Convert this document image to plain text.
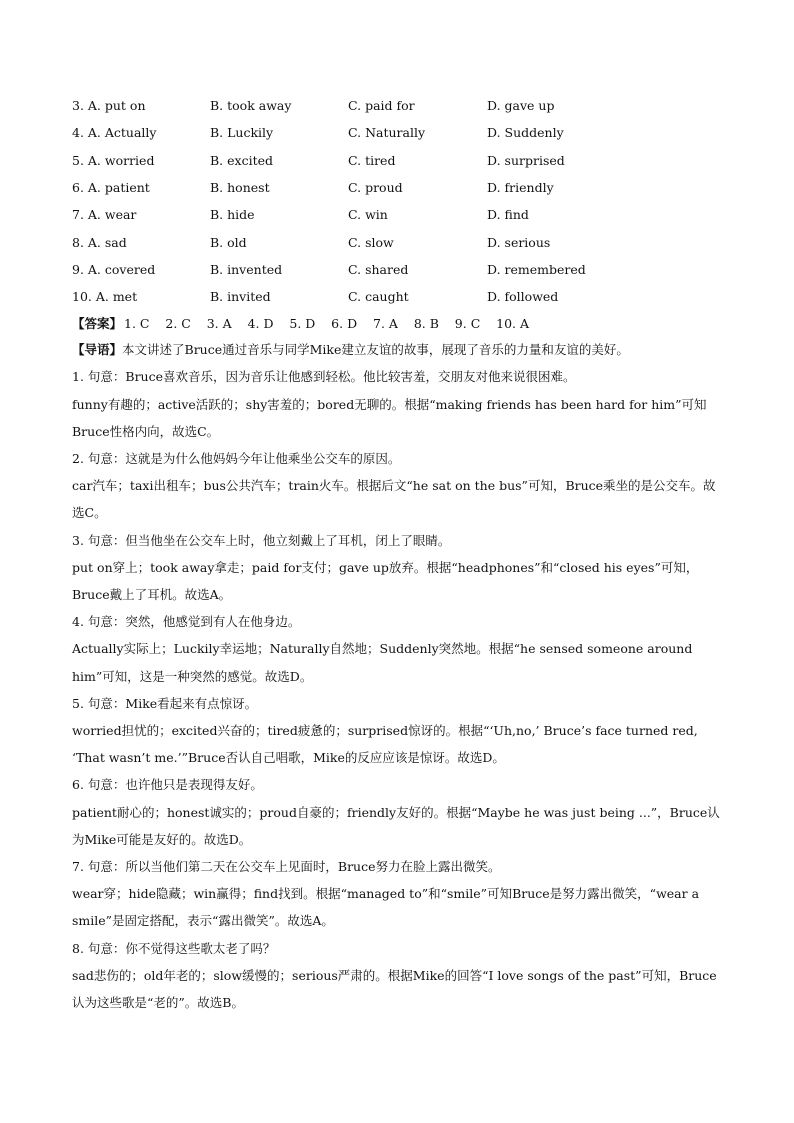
3. A. put on	B. took away	C. paid for	D. gave up
4. A. Actually	B. Luckily	C. Naturally	D. Suddenly
5. A. worried	B. excited	C. tired	D. surprised
6. A. patient	B. honest	C. proud	D. friendly
7. A. wear	B. hide	C. win	D. find
8. A. sad	B. old	C. slow	D. serious
9. A. covered	B. invented	C. shared	D. remembered
10. A. met	B. invited	C. caught	D. followed
【答案】 1. C    2. C    3. A    4. D    5. D    6. D    7. A    8. B    9. C    10. A
【导语】本文讲述了Bruce通过音乐与同学Mike建立友谊的故事，展现了音乐的力量和友谊的美好。

1. 句意：Bruce喜欢音乐，因为音乐让他感到轻松。他比较害羞，交朋友对他来说很困难。

funny有趣的；active活跃的；shy害羞的；bored无聊的。根据“making friends has been hard for him”可知Bruce性格内向，故选C。

2. 句意：这就是为什么他妈妈今年让他乘坐公交车的原因。

car汽车；taxi出租车；bus公共汽车；train火车。根据后文“he sat on the bus”可知，Bruce乘坐的是公交车。故选C。

3. 句意：但当他坐在公交车上时，他立刻戴上了耳机，闭上了眼睛。

put on穿上；took away拿走；paid for支付；gave up放弃。根据“headphones”和“closed his eyes”可知，Bruce戴上了耳机。故选A。

4. 句意：突然，他感觉到有人在他身边。

Actually实际上；Luckily幸运地；Naturally自然地；Suddenly突然地。根据“he sensed someone around him”可知，这是一种突然的感觉。故选D。

5. 句意：Mike看起来有点惊讶。

worried担忧的；excited兴奋的；tired疲惫的；surprised惊讶的。根据“‘Uh,no,’ Bruce’s face turned red, ‘That wasn’t me.’”Bruce否认自己唱歌，Mike的反应应该是惊讶。故选D。

6. 句意：也许他只是表现得友好。

patient耐心的；honest诚实的；proud自豪的；friendly友好的。根据“Maybe he was just being ...”，Bruce认为Mike可能是友好的。故选D。

7. 句意：所以当他们第二天在公交车上见面时，Bruce努力在脸上露出微笑。

wear穿；hide隐藏；win赢得；find找到。根据“managed to”和“smile”可知Bruce是努力露出微笑，“wear a smile”是固定搭配，表示“露出微笑”。故选A。

8. 句意：你不觉得这些歌太老了吗？

sad悲伤的；old年老的；slow缓慢的；serious严肃的。根据Mike的回答“I love songs of the past”可知，Bruce认为这些歌是“老的”。故选B。
